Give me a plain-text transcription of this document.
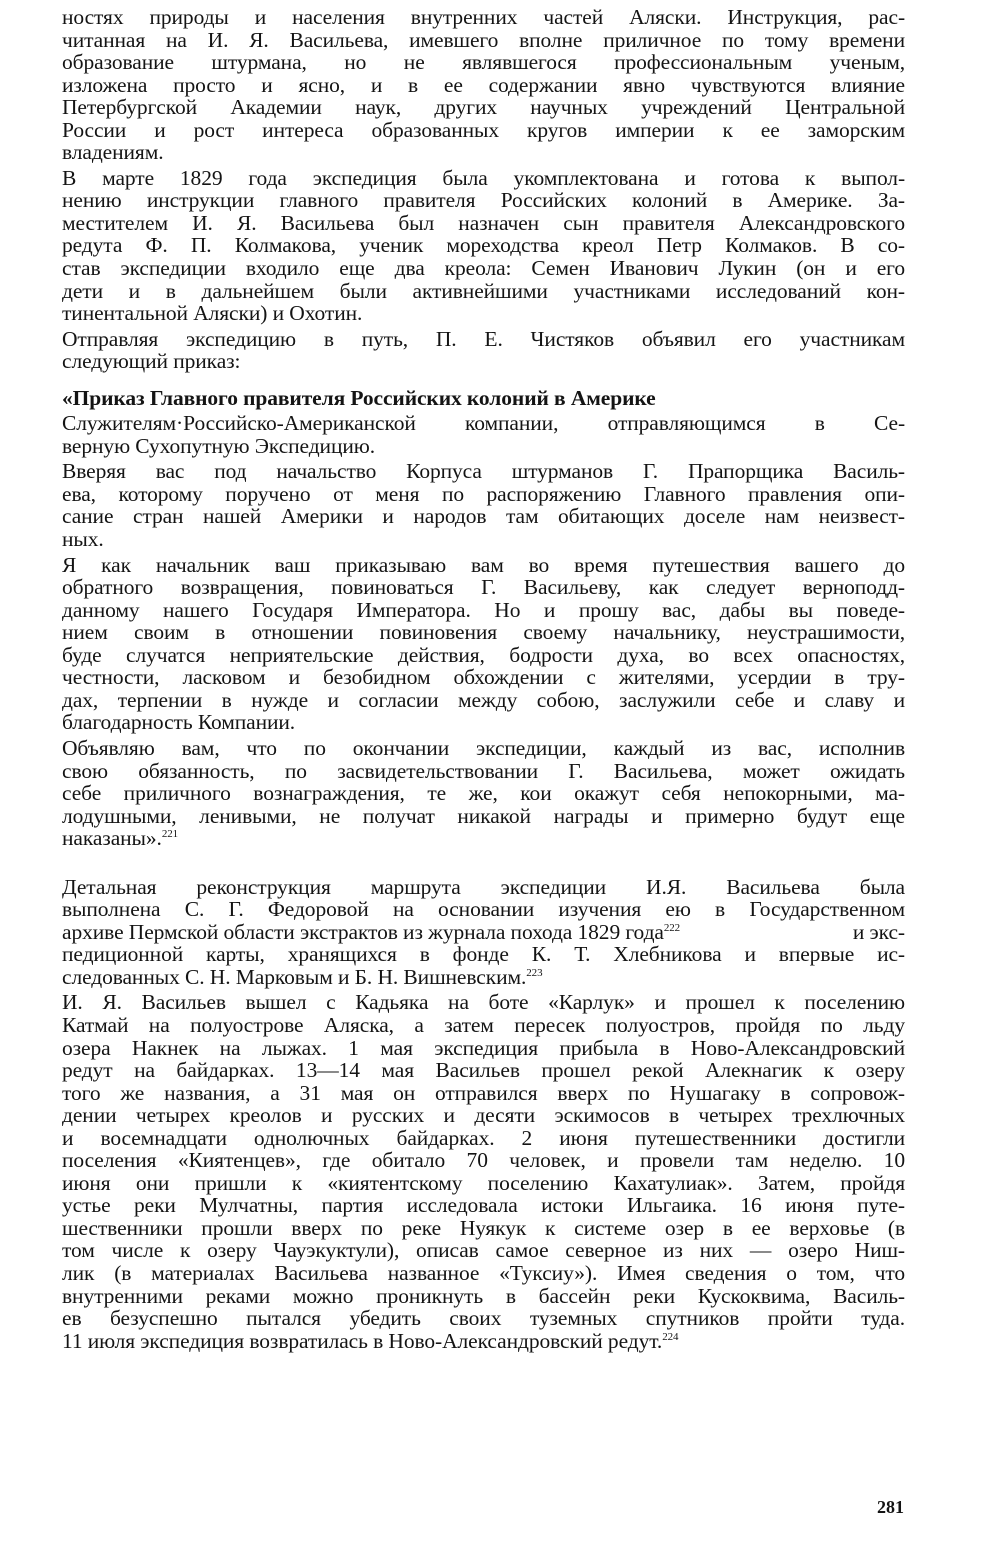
ностях природы и населения внутренних частей Аляски. Инструкция, рас-
читанная на И. Я. Васильева, имевшего вполне приличное по тому времени
образование штурмана, но не являвшегося профессиональным ученым,
изложена просто и ясно, и в ее содержании явно чувствуются влияние
Петербургской Академии наук, других научных учреждений Центральной
России и рост интереса образованных кругов империи к ее заморским
владениям.
В марте 1829 года экспедиция была укомплектована и готова к выпол-
нению инструкции главного правителя Российских колоний в Америке. За-
местителем И. Я. Васильева был назначен сын правителя Александровского
редута Ф. П. Колмакова, ученик мореходства креол Петр Колмаков. В со-
став экспедиции входило еще два креола: Семен Иванович Лукин (он и его
дети и в дальнейшем были активнейшими участниками исследований кон-
тинентальной Аляски) и Охотин.
Отправляя экспедицию в путь, П. Е. Чистяков объявил его участникам
следующий приказ:
«Приказ Главного правителя Российских колоний в Америке
Служителям·Российско-Американской компании, отправляющимся в Се-
верную Сухопутную Экспедицию.
Вверяя вас под начальство Корпуса штурманов Г. Прапорщика Василь-
ева, которому поручено от меня по распоряжению Главного правления опи-
сание стран нашей Америки и народов там обитающих доселе нам неизвест-
ных.
Я как начальник ваш приказываю вам во время путешествия вашего до
обратного возвращения, повиноваться Г. Васильеву, как следует верноподд-
данному нашего Государя Императора. Но и прошу вас, дабы вы поведе-
нием своим в отношении повиновения своему начальнику, неустрашимости,
буде случатся неприятельские действия, бодрости духа, во всех опасностях,
честности, ласковом и безобидном обхождении с жителями, усердии в тру-
дах, терпении в нужде и согласии между собою, заслужили себе и славу и
благодарность Компании.
Объявляю вам, что по окончании экспедиции, каждый из вас, исполнив
свою обязанность, по засвидетельствовании Г. Васильева, может ожидать
себе приличного вознаграждения, те же, кои окажут себя непокорными, ма-
лодушными, ленивыми, не получат никакой награды и примерно будут еще
наказаны».$^{221}$
Детальная реконструкция маршрута экспедиции И.Я. Васильева была
выполнена С. Г. Федоровой на основании изучения ею в Государственном
архиве Пермской области экстрактов из журнала похода 1829 года$^{222}$	и экс-
педиционной карты, хранящихся в фонде К. Т. Хлебникова и впервые ис-
следованных С. Н. Марковым и Б. Н. Вишневским.$^{223}$
И. Я. Васильев вышел с Кадьяка на боте «Карлук» и прошел к поселению
Катмай на полуострове Аляска, а затем пересек полуостров, пройдя по льду
озера Накнек на лыжах. 1 мая экспедиция прибыла в Ново-Александровский
редут на байдарках. 13—14 мая Васильев прошел рекой Алекнагик к озеру
того же названия, а 31 мая он отправился вверх по Нушагаку в сопровож-
дении четырех креолов и русских и десяти эскимосов в четырех трехлючных
и восемнадцати однолючных байдарках. 2 июня путешественники достигли
поселения «Киятенцев», где обитало 70 человек, и провели там неделю. 10
июня они пришли к «киятентскому поселению Кахатулиак». Затем, пройдя
устье реки Мулчатны, партия исследовала истоки Ильгаика. 16 июня путе-
шественники прошли вверх по реке Нуякук к системе озер в ее верховье (в
том числе к озеру Чауэкуктули), описав самое северное из них — озеро Ниш-
лик (в материалах Васильева названное «Туксиу»). Имея сведения о том, что
внутренними реками можно проникнуть в бассейн реки Кускоквима, Василь-
ев безуспешно пытался убедить своих туземных спутников пройти туда.
11 июля экспедиция возвратилась в Ново-Александровский редут.$^{224}$
281
